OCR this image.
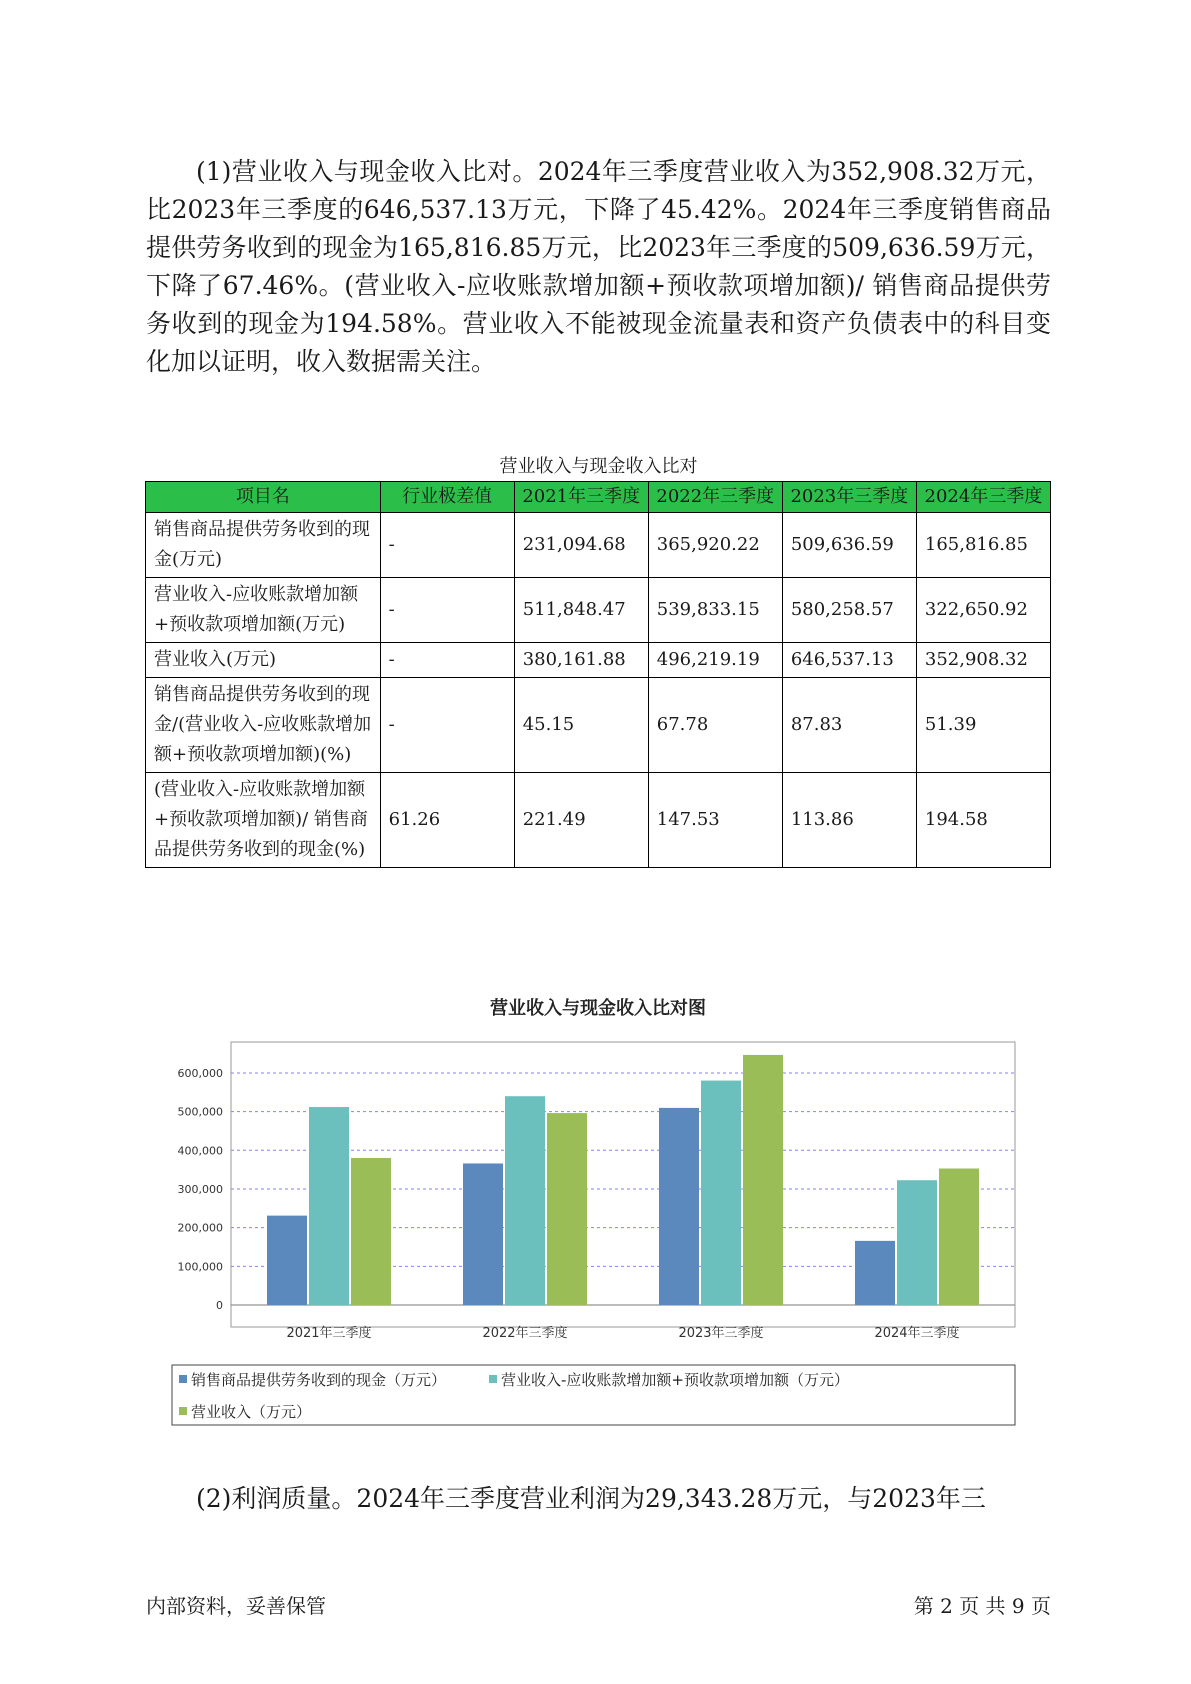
(1)营业收入与现金收入比对。2024年三季度营业收入为352,908.32万元，比2023年三季度的646,537.13万元，下降了45.42%。2024年三季度销售商品提供劳务收到的现金为165,816.85万元，比2023年三季度的509,636.59万元，下降了67.46%。(营业收入-应收账款增加额+预收款项增加额)/ 销售商品提供劳务收到的现金为194.58%。营业收入不能被现金流量表和资产负债表中的科目变化加以证明，收入数据需关注。

营业收入与现金收入比对
项目名	行业极差值	2021年三季度	2022年三季度	2023年三季度	2024年三季度
销售商品提供劳务收到的现金(万元)	-	231,094.68	365,920.22	509,636.59	165,816.85
营业收入-应收账款增加额+预收款项增加额(万元)	-	511,848.47	539,833.15	580,258.57	322,650.92
营业收入(万元)	-	380,161.88	496,219.19	646,537.13	352,908.32
销售商品提供劳务收到的现金/(营业收入-应收账款增加额+预收款项增加额)(%)	-	45.15	67.78	87.83	51.39
(营业收入-应收账款增加额+预收款项增加额)/ 销售商品提供劳务收到的现金(%)	61.26	221.49	147.53	113.86	194.58
营业收入与现金收入比对图
0
100,000
200,000
300,000
400,000
500,000
600,000
2021年三季度	2022年三季度	2023年三季度	2024年三季度
销售商品提供劳务收到的现金（万元）	营业收入-应收账款增加额+预收款项增加额（万元）
营业收入（万元）

(2)利润质量。2024年三季度营业利润为29,343.28万元，与2023年三

内部资料，妥善保管	第 2 页 共 9 页
